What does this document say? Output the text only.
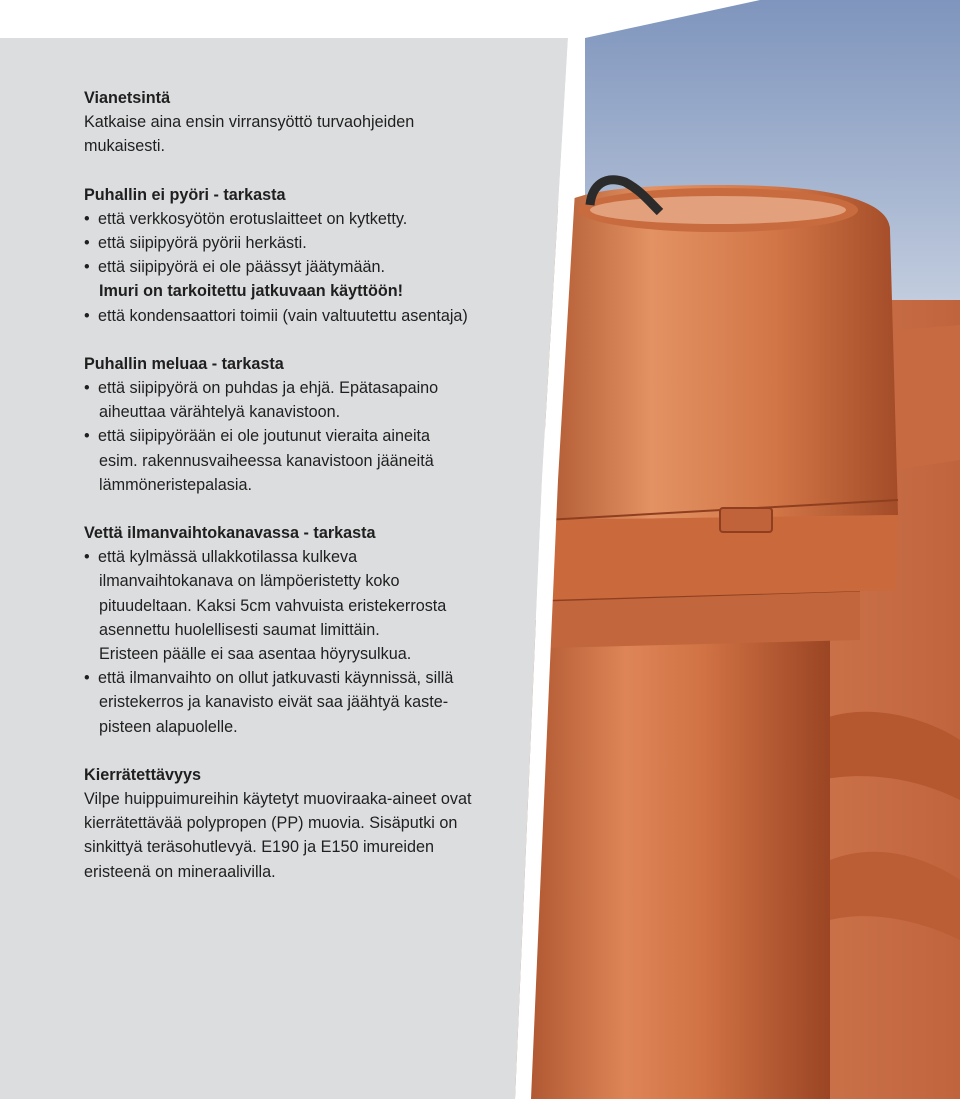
Vianetsintä
Katkaise aina ensin virransyöttö turvaohjeiden
mukaisesti.
Puhallin ei pyöri - tarkasta
• että verkkosyötön erotuslaitteet on kytketty.
• että siipipyörä pyörii herkästi.
• että siipipyörä ei ole päässyt jäätymään.
Imuri on tarkoitettu jatkuvaan käyttöön!
• että kondensaattori toimii (vain valtuutettu asentaja)
Puhallin meluaa - tarkasta
• että siipipyörä on puhdas ja ehjä. Epätasapaino
aiheuttaa värähtelyä kanavistoon.
• että siipipyörään ei ole joutunut vieraita aineita
esim. rakennusvaiheessa kanavistoon jääneitä
lämmöneristepalasia.
Vettä ilmanvaihtokanavassa - tarkasta
• että kylmässä ullakkotilassa kulkeva
ilmanvaihtokanava on lämpöeristetty koko
pituudeltaan. Kaksi 5cm vahvuista eristekerrosta
asennettu huolellisesti saumat limittäin.
Eristeen päälle ei saa asentaa höyrysulkua.
• että ilmanvaihto on ollut jatkuvasti käynnissä, sillä
eristekerros ja kanavisto eivät saa jäähtyä kaste-
pisteen alapuolelle.
Kierrätettävyys
Vilpe huippuimureihin käytetyt muoviraaka-aineet ovat
kierrätettävää polypropen (PP) muovia. Sisäputki on
sinkittyä teräsohutlevyä. E190 ja E150 imureiden
eristeenä on mineraalivilla.
